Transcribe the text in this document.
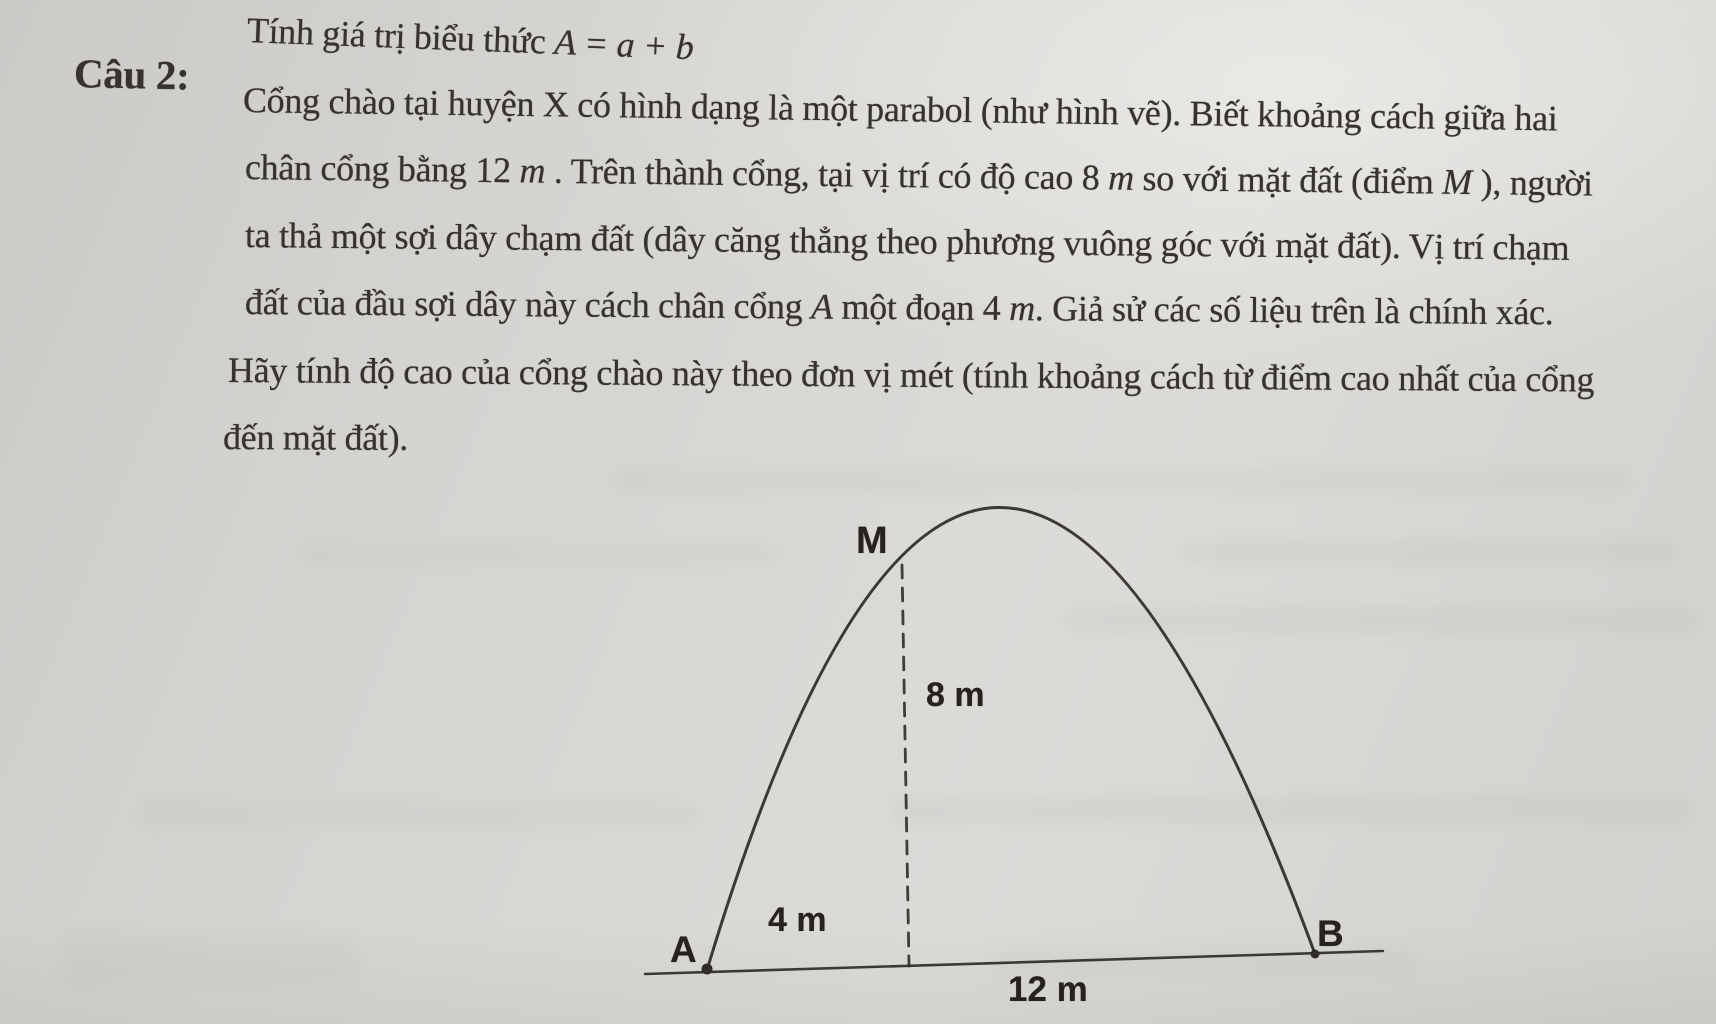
Tính giá trị biểu thức A = a + b
Câu 2:
Cổng chào tại huyện X có hình dạng là một parabol (như hình vẽ). Biết khoảng cách giữa hai
chân cổng bằng 12 m . Trên thành cổng, tại vị trí có độ cao 8 m so với mặt đất (điểm M ), người
ta thả một sợi dây chạm đất (dây căng thẳng theo phương vuông góc với mặt đất). Vị trí chạm
đất của đầu sợi dây này cách chân cổng A một đoạn 4 m. Giả sử các số liệu trên là chính xác.
Hãy tính độ cao của cổng chào này theo đơn vị mét (tính khoảng cách từ điểm cao nhất của cổng
đến mặt đất).
M
A	B
4 m
8 m
12 m
